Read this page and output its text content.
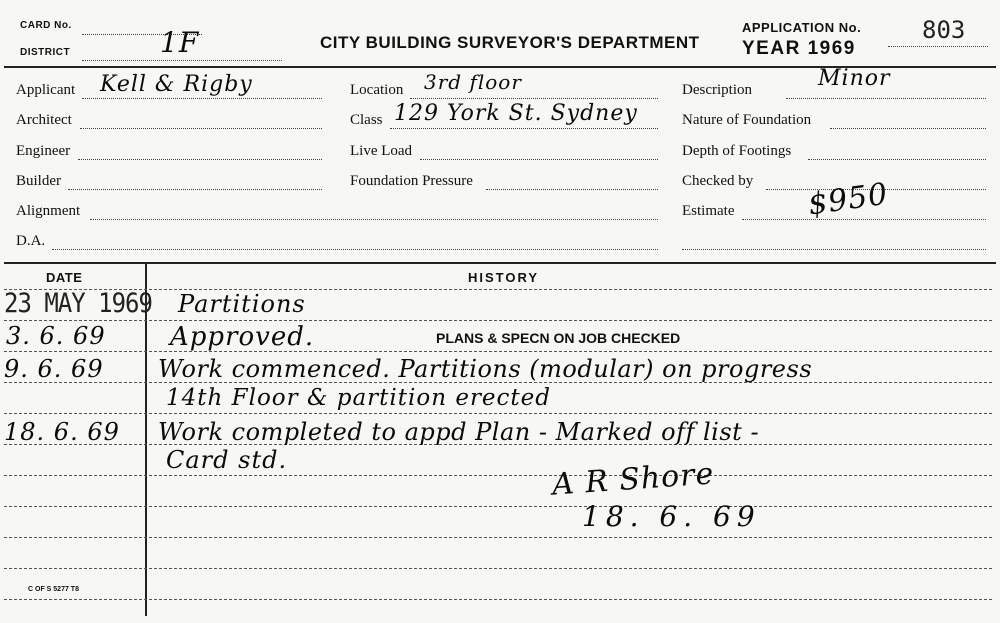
CARD No.
DISTRICT	1F	CITY BUILDING SURVEYOR'S DEPARTMENT
APPLICATION No.	803
YEAR 1969
Applicant Kell & Rigby
Architect
Engineer
Builder
Alignment
D.A.
Location 3rd floor
Class 129 York St. Sydney
Live Load
Foundation Pressure
Description	Minor
Nature of Foundation
Depth of Footings
Checked by
Estimate $950
DATE	HISTORY
23 MAY 1969 Partitions
3. 6. 69 Approved.	PLANS & SPECN ON JOB CHECKED
9. 6. 69 Work commenced. Partitions (modular) on progress
14th Floor & partition erected
18. 6. 69 Work completed to appd Plan - Marked off list -
Card std.	A R Shore
18. 6. 69
C OF S 5277 T8
